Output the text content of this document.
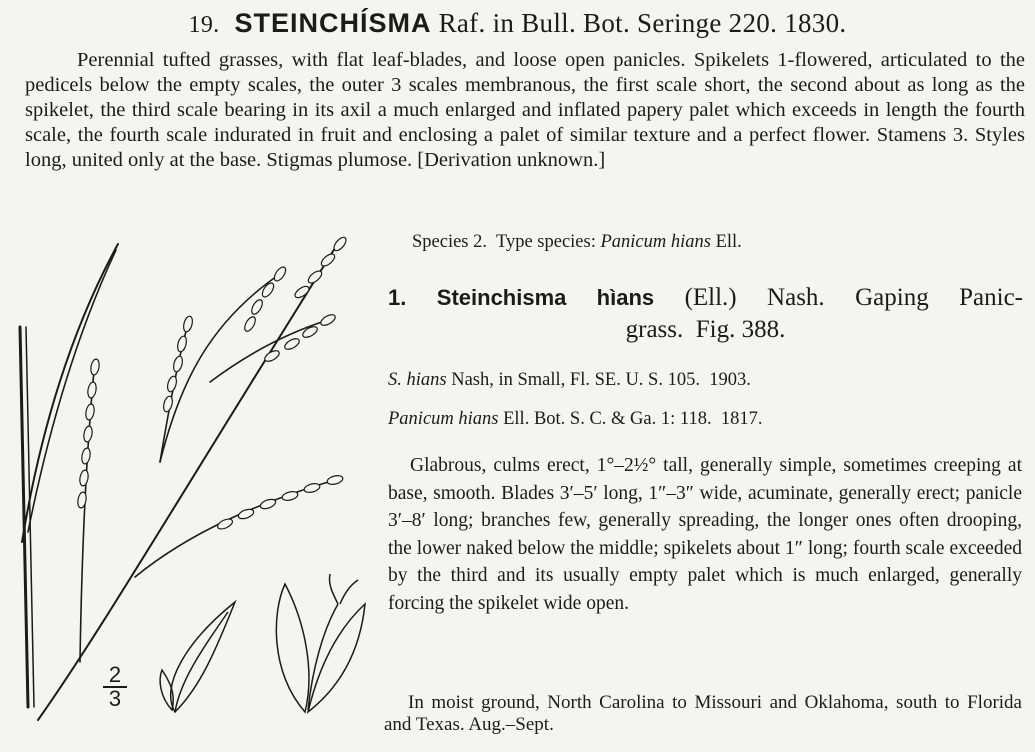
19. STEINCHÍSMA Raf. in Bull. Bot. Seringe 220. 1830.
Perennial tufted grasses, with flat leaf-blades, and loose open panicles. Spikelets 1-flowered, articulated to the pedicels below the empty scales, the outer 3 scales membranous, the first scale short, the second about as long as the spikelet, the third scale bearing in its axil a much enlarged and inflated papery palet which exceeds in length the fourth scale, the fourth scale indurated in fruit and enclosing a palet of similar texture and a perfect flower. Stamens 3. Styles long, united only at the base. Stigmas plumose. [Derivation unknown.]
Species 2. Type species: Panicum hians Ell.
1. Steinchisma hìans (Ell.) Nash. Gaping Panic-
grass. Fig. 388.
S. hians Nash, in Small, Fl. SE. U. S. 105. 1903.
Panicum hians Ell. Bot. S. C. & Ga. 1: 118. 1817.
Glabrous, culms erect, 1°–2½° tall, generally simple, sometimes creeping at base, smooth. Blades 3′–5′ long, 1″–3″ wide, acuminate, generally erect; panicle 3′–8′ long; branches few, generally spreading, the longer ones often drooping, the lower naked below the middle; spikelets about 1″ long; fourth scale exceeded by the third and its usually empty palet which is much enlarged, generally forcing the spikelet wide open.
In moist ground, North Carolina to Missouri and Oklahoma, south to Florida and Texas. Aug.–Sept.
$\frac{2}{3}$
